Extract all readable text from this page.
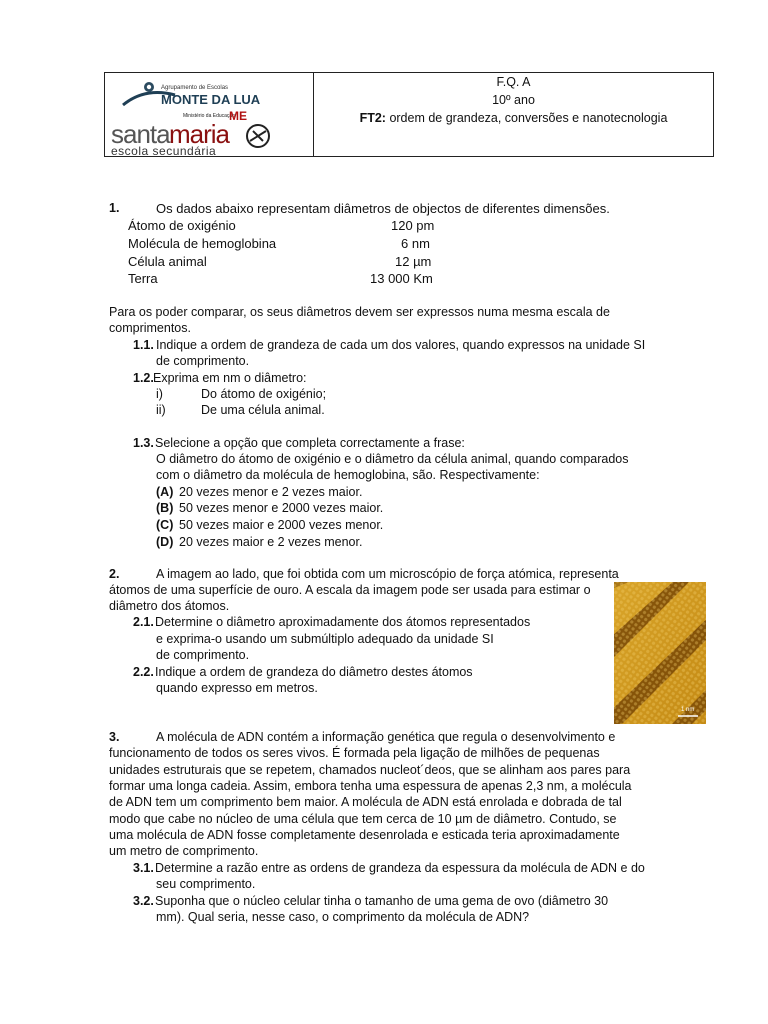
Agrupamento de Escolas
MONTE DA LUA
Ministério da Educação
ME
santa maria
escola secundária
F.Q. A
10º ano
FT2: ordem de grandeza, conversões e nanotecnologia
1.	Os dados abaixo representam diâmetros de objectos de diferentes dimensões.
Átomo de oxigénio	120 pm
Molécula de hemoglobina	6 nm
Célula animal	12 µm
Terra	13 000 Km
Para os poder comparar, os seus diâmetros devem ser expressos numa mesma escala de
comprimentos.
1.1. Indique a ordem de grandeza de cada um dos valores, quando expressos na unidade SI
de comprimento.
1.2. Exprima em nm o diâmetro:
i)	Do átomo de oxigénio;
ii)	De uma célula animal.
1.3. Selecione a opção que completa correctamente a frase:
O diâmetro do átomo de oxigénio e o diâmetro da célula animal, quando comparados
com o diâmetro da molécula de hemoglobina, são. Respectivamente:
(A) 20 vezes menor e 2 vezes maior.
(B) 50 vezes menor e 2000 vezes maior.
(C) 50 vezes maior e 2000 vezes menor.
(D) 20 vezes maior e 2 vezes menor.
2.	A imagem ao lado, que foi obtida com um microscópio de força atómica, representa
átomos de uma superfície de ouro. A escala da imagem pode ser usada para estimar o
diâmetro dos átomos.
2.1. Determine o diâmetro aproximadamente dos átomos representados
e exprima-o usando um submúltiplo adequado da unidade SI
de comprimento.
2.2. Indique a ordem de grandeza do diâmetro destes átomos
quando expresso em metros.
1 nm
3.	A molécula de ADN contém a informação genética que regula o desenvolvimento e
funcionamento de todos os seres vivos. É formada pela ligação de milhões de pequenas
unidades estruturais que se repetem, chamados nucleot´deos, que se alinham aos pares para
formar uma longa cadeia. Assim, embora tenha uma espessura de apenas 2,3 nm, a molécula
de ADN tem um comprimento bem maior. A molécula de ADN está enrolada e dobrada de tal
modo que cabe no núcleo de uma célula que tem cerca de 10 µm de diâmetro. Contudo, se
uma molécula de ADN fosse completamente desenrolada e esticada teria aproximadamente
um metro de comprimento.
3.1. Determine a razão entre as ordens de grandeza da espessura da molécula de ADN e do
seu comprimento.
3.2. Suponha que o núcleo celular tinha o tamanho de uma gema de ovo (diâmetro 30
mm). Qual seria, nesse caso, o comprimento da molécula de ADN?
